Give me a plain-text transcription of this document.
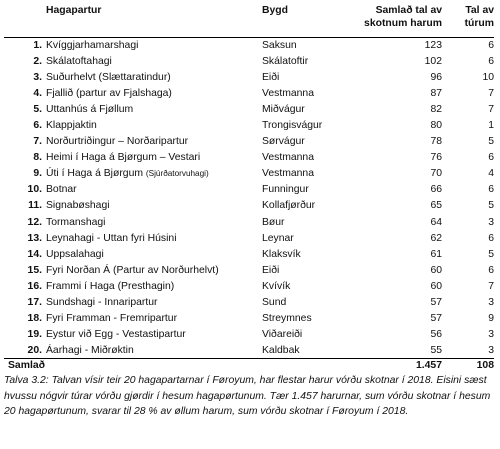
Hagapartur		Bygd	Samlað tal av
skotnum harum	Tal av
túrum
1.	Kvíggjarhamarshagi	Saksun	123	6
2.	Skálatoftahagi	Skálatoftir	102	6
3.	Suðurhelvt (Slættaratindur)	Eiði	96	10
4.	Fjallið (partur av Fjalshaga)	Vestmanna	87	7
5.	Uttanhús á Fjøllum	Miðvágur	82	7
6.	Klappjaktin	Trongisvágur	80	1
7.	Norðurtriðingur – Norðaripartur	Sørvágur	78	5
8.	Heimi í Haga á Bjørgum – Vestari	Vestmanna	76	6
9.	Úti í Haga á Bjørgum (Sjúrðatorvuhagi)	Vestmanna	70	4
10.	Botnar	Funningur	66	6
11.	Signabøshagi	Kollafjørður	65	5
12.	Tormanshagi	Bøur	64	3
13.	Leynahagi - Uttan fyri Húsini	Leynar	62	6
14.	Uppsalahagi	Klaksvík	61	5
15.	Fyri Norðan Á (Partur av Norðurhelvt)	Eiði	60	6
16.	Frammi í Haga (Presthagin)	Kvívík	60	7
17.	Sundshagi - Innaripartur	Sund	57	3
18.	Fyri Framman - Fremripartur	Streymnes	57	9
19.	Eystur við Egg - Vestastipartur	Viðareiði	56	3
20.	Áarhagi - Miðrøktin	Kaldbak	55	3
Samlað			1.457	108

Talva 3.2: Talvan vísir teir 20 hagapartarnar í Føroyum, har flestar harur vórðu skotnar í 2018. Eisini sæst hvussu nógvir túrar vórðu gjørdir í hesum hagapørtunum. Tær 1.457 harurnar, sum vórðu skotnar í hesum 20 hagapørtunum, svarar til 28 % av øllum harum, sum vórðu skotnar í Føroyum í 2018.
